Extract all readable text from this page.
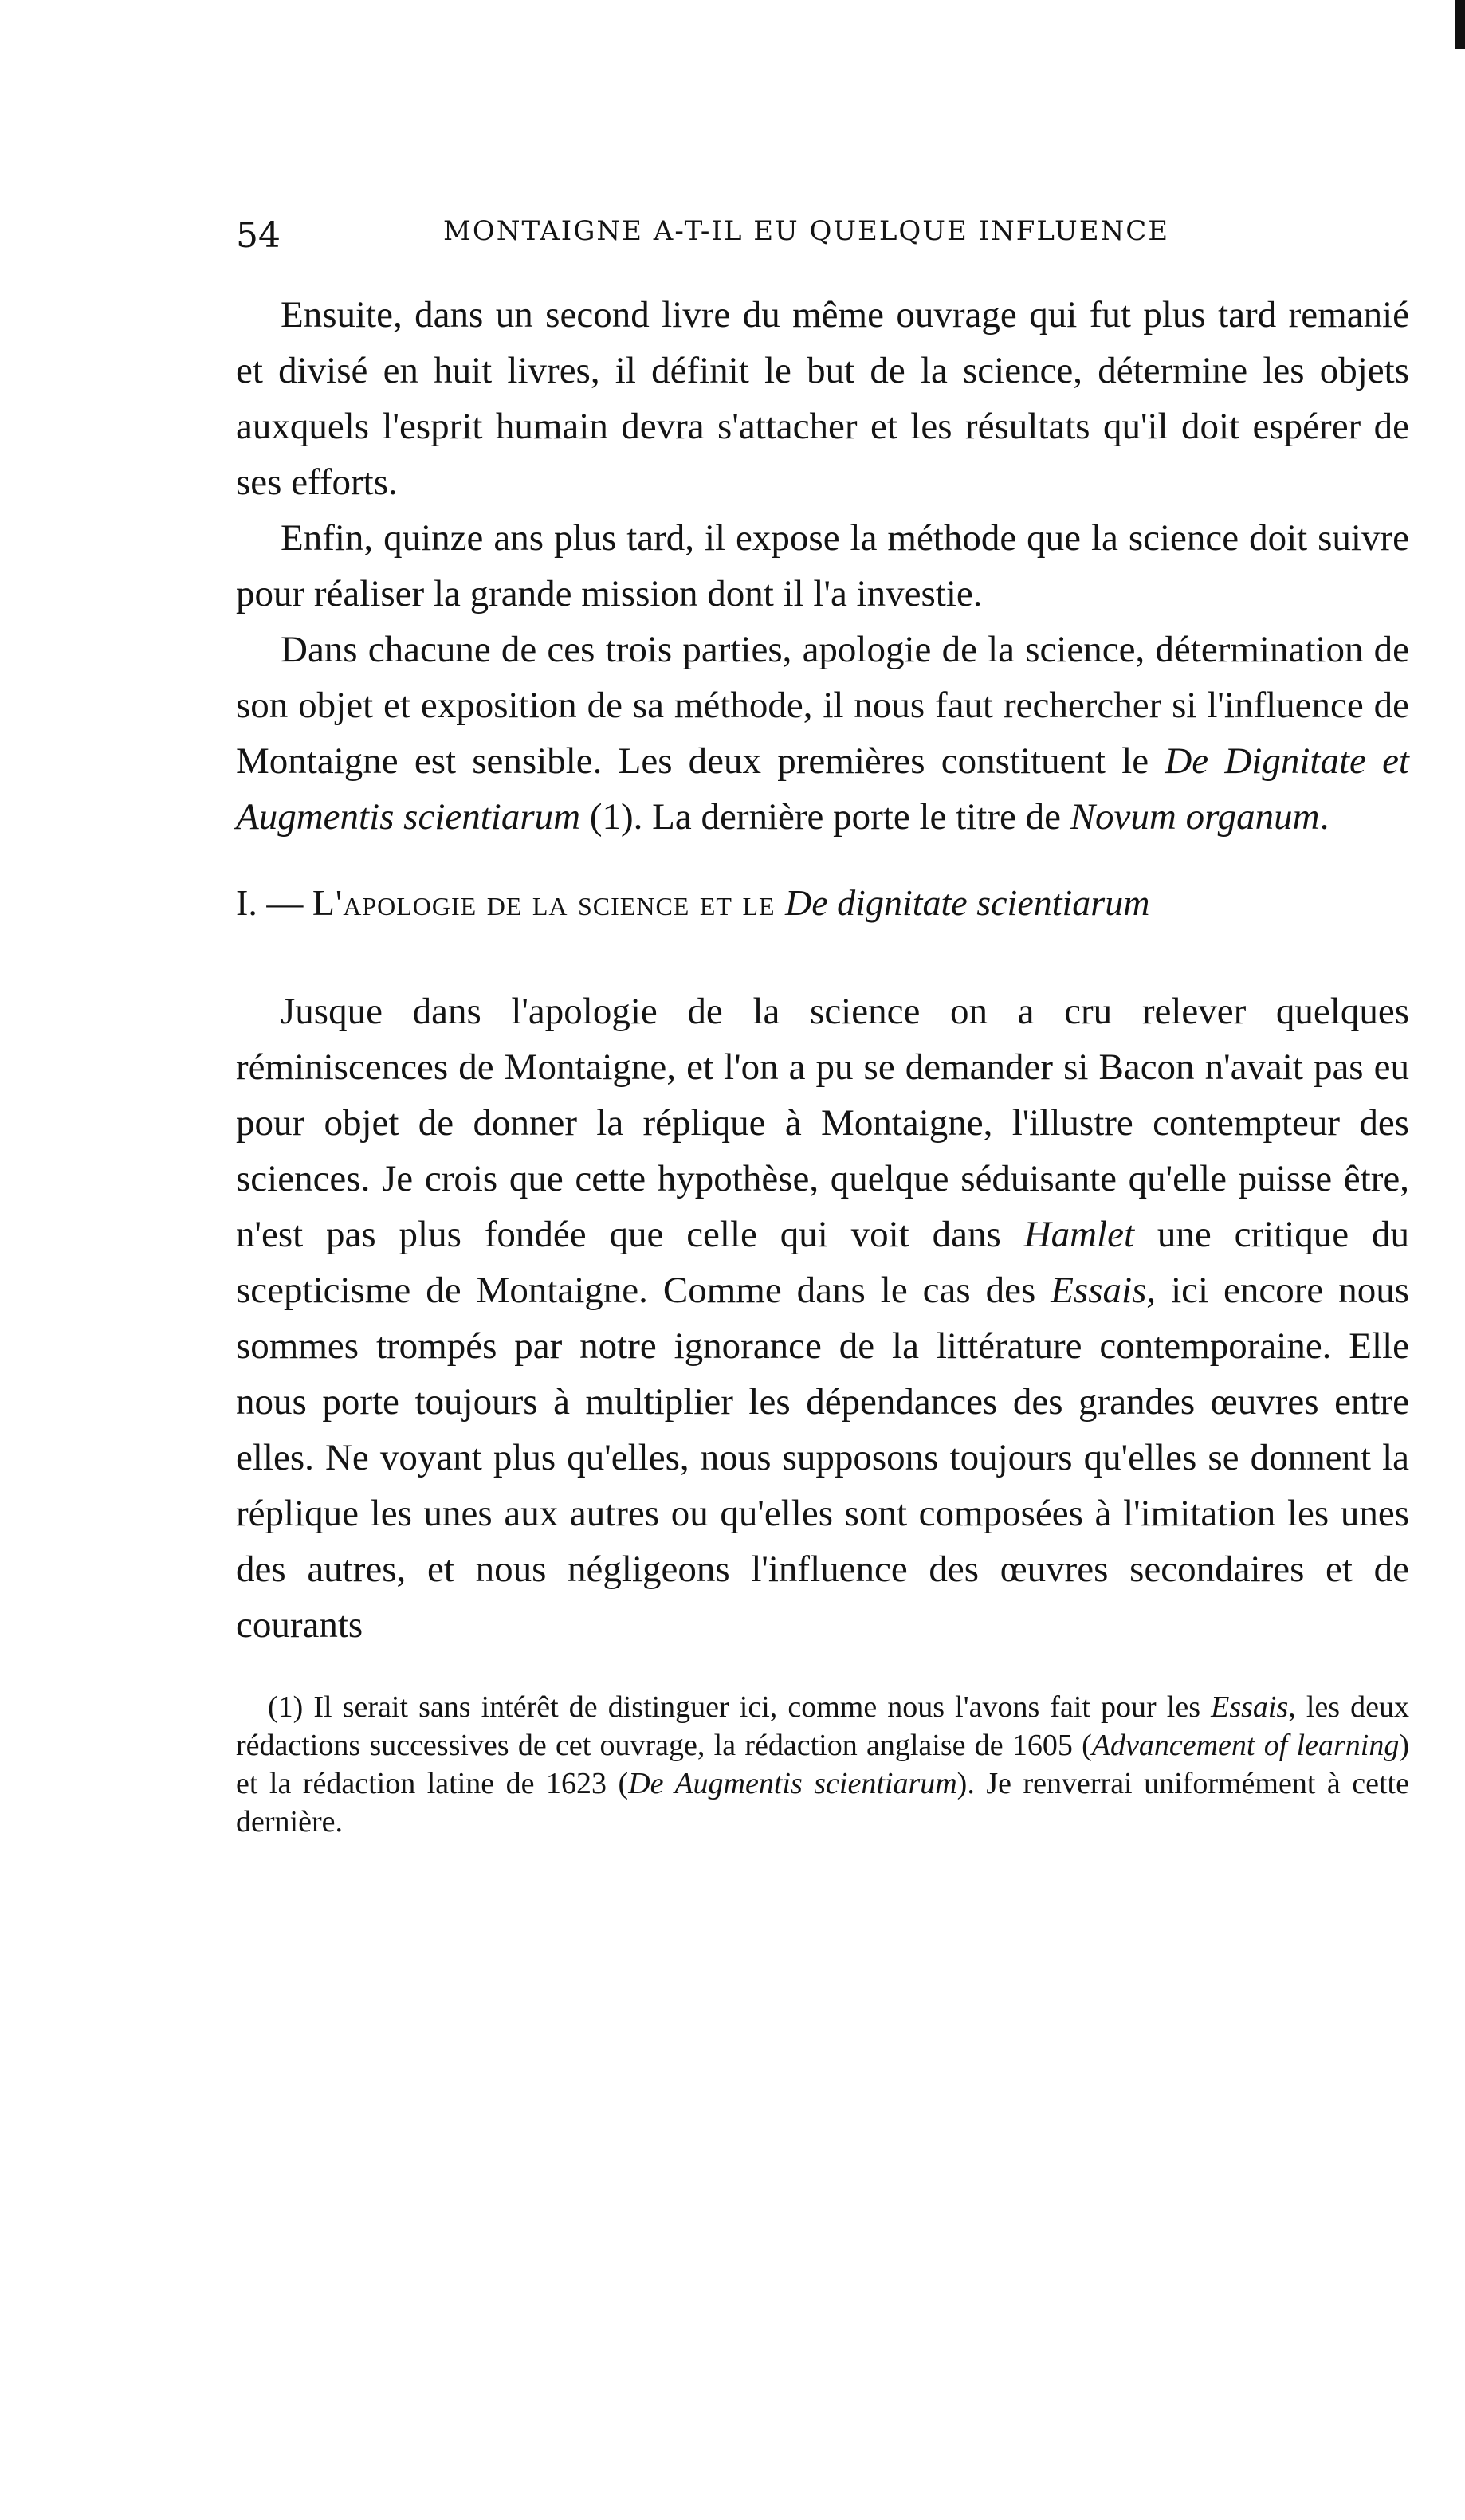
54	MONTAIGNE A-T-IL EU QUELQUE INFLUENCE

Ensuite, dans un second livre du même ouvrage qui fut plus tard remanié et divisé en huit livres, il définit le but de la science, détermine les objets auxquels l'esprit humain devra s'attacher et les résultats qu'il doit espérer de ses efforts.

Enfin, quinze ans plus tard, il expose la méthode que la science doit suivre pour réaliser la grande mission dont il l'a investie.

Dans chacune de ces trois parties, apologie de la science, détermination de son objet et exposition de sa méthode, il nous faut rechercher si l'influence de Montaigne est sensible. Les deux premières constituent le De Dignitate et Augmentis scientiarum (1). La dernière porte le titre de Novum organum.

I. — L'apologie de la science et le De dignitate scientiarum

Jusque dans l'apologie de la science on a cru relever quelques réminiscences de Montaigne, et l'on a pu se demander si Bacon n'avait pas eu pour objet de donner la réplique à Montaigne, l'illustre contempteur des sciences. Je crois que cette hypothèse, quelque séduisante qu'elle puisse être, n'est pas plus fondée que celle qui voit dans Hamlet une critique du scepticisme de Montaigne. Comme dans le cas des Essais, ici encore nous sommes trompés par notre ignorance de la littérature contemporaine. Elle nous porte toujours à multiplier les dépendances des grandes œuvres entre elles. Ne voyant plus qu'elles, nous supposons toujours qu'elles se donnent la réplique les unes aux autres ou qu'elles sont composées à l'imitation les unes des autres, et nous négligeons l'influence des œuvres secondaires et de courants

(1) Il serait sans intérêt de distinguer ici, comme nous l'avons fait pour les Essais, les deux rédactions successives de cet ouvrage, la rédaction anglaise de 1605 (Advancement of learning) et la rédaction latine de 1623 (De Augmentis scientiarum). Je renverrai uniformément à cette dernière.
